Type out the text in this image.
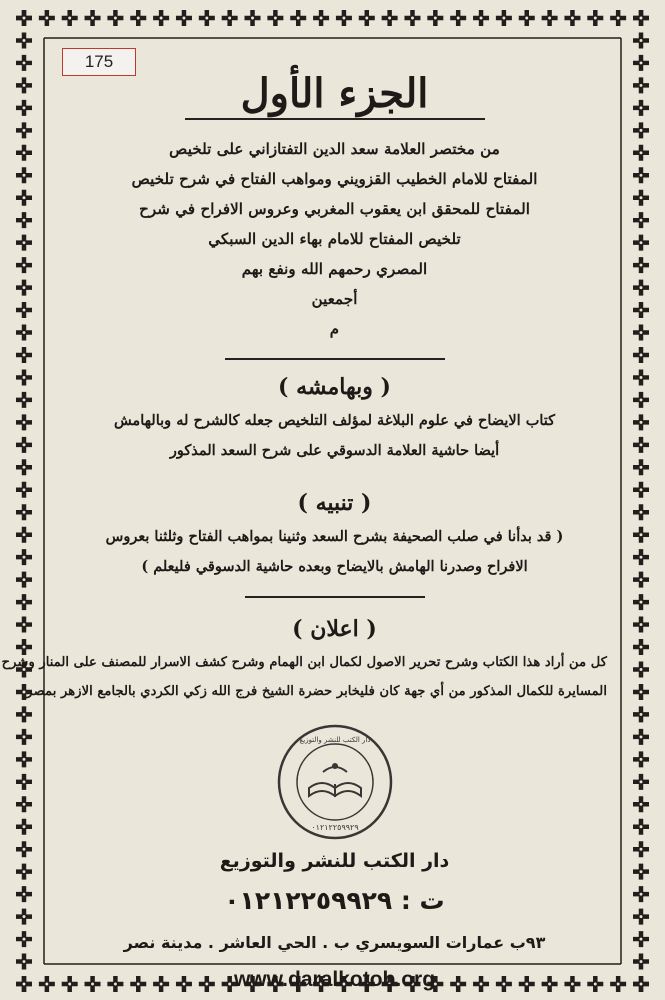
175
الجزء الأول
من مختصر العلامة سعد الدين التفتازاني على تلخيص
المفتاح للامام الخطيب القزويني ومواهب الفتاح في شرح تلخيص
المفتاح للمحقق ابن يعقوب المغربي وعروس الافراح في شرح
تلخيص المفتاح للامام بهاء الدين السبكي
المصري رحمهم الله ونفع بهم
أجمعين
م
( وبهامشه )
كتاب الايضاح في علوم البلاغة لمؤلف التلخيص جعله كالشرح له وبالهامش
أيضا حاشية العلامة الدسوقي على شرح السعد المذكور
( تنبيه )
( قد بدأنا في صلب الصحيفة بشرح السعد وثنينا بمواهب الفتاح وثلثنا بعروس
الافراح وصدرنا الهامش بالايضاح وبعده حاشية الدسوقي فليعلم )
( اعلان )
كل من أراد هذا الكتاب وشرح تحرير الاصول لكمال ابن الهمام وشرح كشف الاسرار للمصنف على المنار وشرح
المسايرة للكمال المذكور من أي جهة كان فليخابر حضرة الشيخ فرج الله زكي الكردي بالجامع الازهر بمصر
دار الكتب للنشر والتوزيع
٠١٢١٢٢٥٩٩٢٩
دار الكتب للنشر والتوزيع
ت : ٠١٢١٢٢٥٩٩٢٩
٩٣ب عمارات السويسري ب . الحي العاشر . مدينة نصر
www.daralkotob.org
